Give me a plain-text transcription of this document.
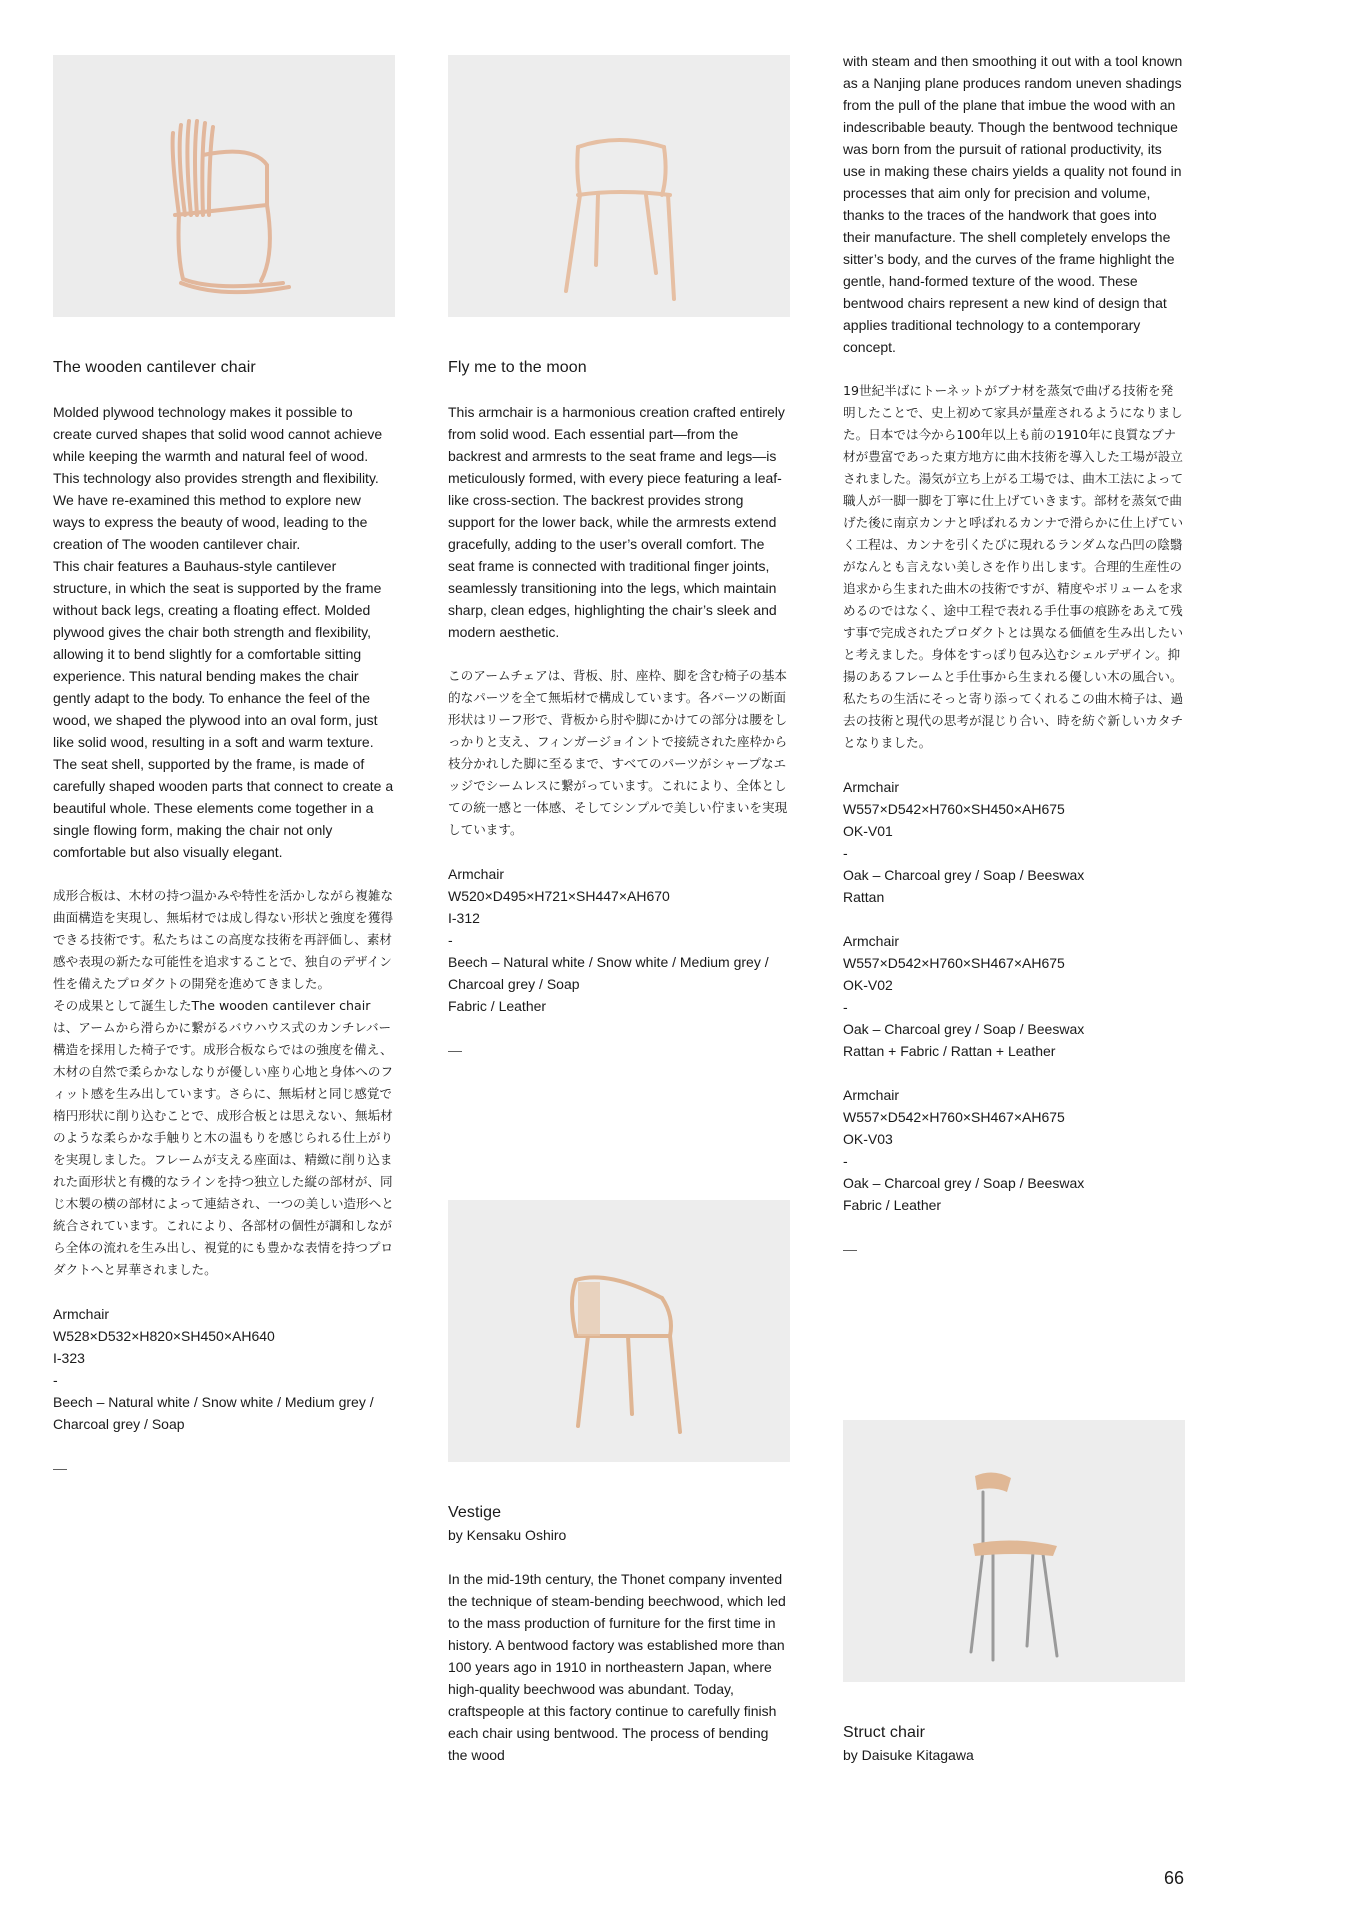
The wooden cantilever chair
Molded plywood technology makes it possible to create curved shapes that solid wood cannot achieve while keeping the warmth and natural feel of wood. This technology also provides strength and flexibility. We have re-examined this method to explore new ways to express the beauty of wood, leading to the creation of The wooden cantilever chair.
This chair features a Bauhaus-style cantilever structure, in which the seat is supported by the frame without back legs, creating a floating effect. Molded plywood gives the chair both strength and flexibility, allowing it to bend slightly for a comfortable sitting experience. This natural bending makes the chair gently adapt to the body. To enhance the feel of the wood, we shaped the plywood into an oval form, just like solid wood, resulting in a soft and warm texture. The seat shell, supported by the frame, is made of carefully shaped wooden parts that connect to create a beautiful whole. These elements come together in a single flowing form, making the chair not only comfortable but also visually elegant.
成形合板は、木材の持つ温かみや特性を活かしながら複雑な曲面構造を実現し、無垢材では成し得ない形状と強度を獲得できる技術です。私たちはこの高度な技術を再評価し、素材感や表現の新たな可能性を追求することで、独自のデザイン性を備えたプロダクトの開発を進めてきました。
その成果として誕生したThe wooden cantilever chairは、アームから滑らかに繋がるバウハウス式のカンチレバー構造を採用した椅子です。成形合板ならではの強度を備え、木材の自然で柔らかなしなりが優しい座り心地と身体へのフィット感を生み出しています。さらに、無垢材と同じ感覚で楕円形状に削り込むことで、成形合板とは思えない、無垢材のような柔らかな手触りと木の温もりを感じられる仕上がりを実現しました。フレームが支える座面は、精緻に削り込まれた面形状と有機的なラインを持つ独立した縦の部材が、同じ木製の横の部材によって連結され、一つの美しい造形へと統合されています。これにより、各部材の個性が調和しながら全体の流れを生み出し、視覚的にも豊かな表情を持つプロダクトへと昇華されました。
Armchair
W528×D532×H820×SH450×AH640
I-323
-
Beech – Natural white / Snow white / Medium grey / Charcoal grey / Soap
—
Fly me to the moon
This armchair is a harmonious creation crafted entirely from solid wood. Each essential part—from the backrest and armrests to the seat frame and legs—is meticulously formed, with every piece featuring a leaf-like cross-section. The backrest provides strong support for the lower back, while the armrests extend gracefully, adding to the user’s overall comfort. The seat frame is connected with traditional finger joints, seamlessly transitioning into the legs, which maintain sharp, clean edges, highlighting the chair’s sleek and modern aesthetic.
このアームチェアは、背板、肘、座枠、脚を含む椅子の基本的なパーツを全て無垢材で構成しています。各パーツの断面形状はリーフ形で、背板から肘や脚にかけての部分は腰をしっかりと支え、フィンガージョイントで接続された座枠から枝分かれした脚に至るまで、すべてのパーツがシャープなエッジでシームレスに繋がっています。これにより、全体としての統一感と一体感、そしてシンプルで美しい佇まいを実現しています。
Armchair
W520×D495×H721×SH447×AH670
I-312
-
Beech – Natural white / Snow white / Medium grey / Charcoal grey / Soap
Fabric / Leather
—
Vestige
by Kensaku Oshiro
In the mid-19th century, the Thonet company invented the technique of steam-bending beechwood, which led to the mass production of furniture for the first time in history. A bentwood factory was established more than 100 years ago in 1910 in northeastern Japan, where high-quality beechwood was abundant. Today, craftspeople at this factory continue to carefully finish each chair using bentwood. The process of bending the wood
with steam and then smoothing it out with a tool known as a Nanjing plane produces random uneven shadings from the pull of the plane that imbue the wood with an indescribable beauty. Though the bentwood technique was born from the pursuit of rational productivity, its use in making these chairs yields a quality not found in processes that aim only for precision and volume, thanks to the traces of the handwork that goes into their manufacture. The shell completely envelops the sitter’s body, and the curves of the frame highlight the gentle, hand-formed texture of the wood. These bentwood chairs represent a new kind of design that applies traditional technology to a contemporary concept.
19世紀半ばにトーネットがブナ材を蒸気で曲げる技術を発明したことで、史上初めて家具が量産されるようになりました。日本では今から100年以上も前の1910年に良質なブナ材が豊富であった東方地方に曲木技術を導入した工場が設立されました。湯気が立ち上がる工場では、曲木工法によって職人が一脚一脚を丁寧に仕上げていきます。部材を蒸気で曲げた後に南京カンナと呼ばれるカンナで滑らかに仕上げていく工程は、カンナを引くたびに現れるランダムな凸凹の陰翳がなんとも言えない美しさを作り出します。合理的生産性の追求から生まれた曲木の技術ですが、精度やボリュームを求めるのではなく、途中工程で表れる手仕事の痕跡をあえて残す事で完成されたプロダクトとは異なる価値を生み出したいと考えました。身体をすっぽり包み込むシェルデザイン。抑揚のあるフレームと手仕事から生まれる優しい木の風合い。私たちの生活にそっと寄り添ってくれるこの曲木椅子は、過去の技術と現代の思考が混じり合い、時を紡ぐ新しいカタチとなりました。
Armchair
W557×D542×H760×SH450×AH675
OK-V01
-
Oak – Charcoal grey / Soap / Beeswax
Rattan
Armchair
W557×D542×H760×SH467×AH675
OK-V02
-
Oak – Charcoal grey / Soap / Beeswax
Rattan + Fabric / Rattan + Leather
Armchair
W557×D542×H760×SH467×AH675
OK-V03
-
Oak – Charcoal grey / Soap / Beeswax
Fabric / Leather
—
Struct chair
by Daisuke Kitagawa
66
